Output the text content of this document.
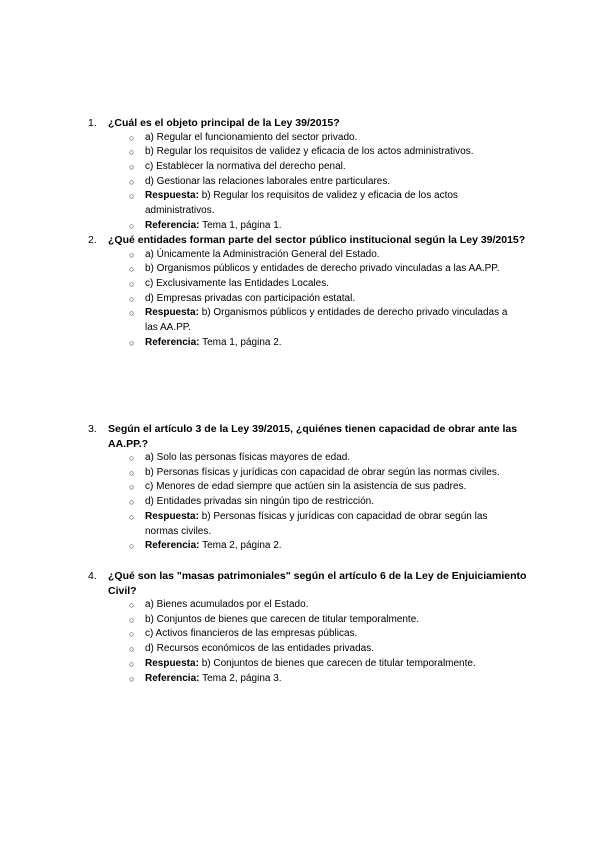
1. ¿Cuál es el objeto principal de la Ley 39/2015?
○ a) Regular el funcionamiento del sector privado.
○ b) Regular los requisitos de validez y eficacia de los actos administrativos.
○ c) Establecer la normativa del derecho penal.
○ d) Gestionar las relaciones laborales entre particulares.
○ Respuesta: b) Regular los requisitos de validez y eficacia de los actos administrativos.
○ Referencia: Tema 1, página 1.
2. ¿Qué entidades forman parte del sector público institucional según la Ley 39/2015?
○ a) Únicamente la Administración General del Estado.
○ b) Organismos públicos y entidades de derecho privado vinculadas a las AA.PP.
○ c) Exclusivamente las Entidades Locales.
○ d) Empresas privadas con participación estatal.
○ Respuesta: b) Organismos públicos y entidades de derecho privado vinculadas a las AA.PP.
○ Referencia: Tema 1, página 2.
3. Según el artículo 3 de la Ley 39/2015, ¿quiénes tienen capacidad de obrar ante las AA.PP.?
○ a) Solo las personas físicas mayores de edad.
○ b) Personas físicas y jurídicas con capacidad de obrar según las normas civiles.
○ c) Menores de edad siempre que actúen sin la asistencia de sus padres.
○ d) Entidades privadas sin ningún tipo de restricción.
○ Respuesta: b) Personas físicas y jurídicas con capacidad de obrar según las normas civiles.
○ Referencia: Tema 2, página 2.
4. ¿Qué son las "masas patrimoniales" según el artículo 6 de la Ley de Enjuiciamiento Civil?
○ a) Bienes acumulados por el Estado.
○ b) Conjuntos de bienes que carecen de titular temporalmente.
○ c) Activos financieros de las empresas públicas.
○ d) Recursos económicos de las entidades privadas.
○ Respuesta: b) Conjuntos de bienes que carecen de titular temporalmente.
○ Referencia: Tema 2, página 3.
